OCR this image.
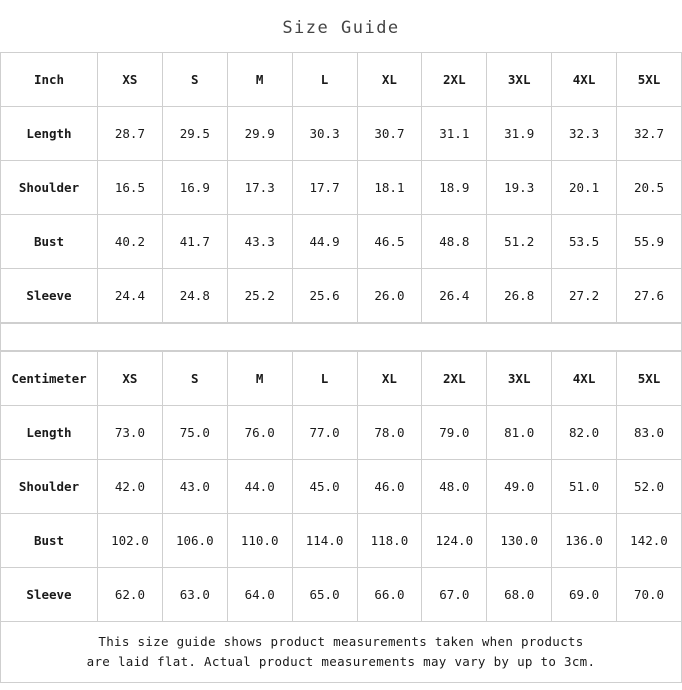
Size Guide
Inch	XS	S	M	L	XL	2XL	3XL	4XL	5XL
Length	28.7	29.5	29.9	30.3	30.7	31.1	31.9	32.3	32.7
Shoulder	16.5	16.9	17.3	17.7	18.1	18.9	19.3	20.1	20.5
Bust	40.2	41.7	43.3	44.9	46.5	48.8	51.2	53.5	55.9
Sleeve	24.4	24.8	25.2	25.6	26.0	26.4	26.8	27.2	27.6
Centimeter	XS	S	M	L	XL	2XL	3XL	4XL	5XL
Length	73.0	75.0	76.0	77.0	78.0	79.0	81.0	82.0	83.0
Shoulder	42.0	43.0	44.0	45.0	46.0	48.0	49.0	51.0	52.0
Bust	102.0	106.0	110.0	114.0	118.0	124.0	130.0	136.0	142.0
Sleeve	62.0	63.0	64.0	65.0	66.0	67.0	68.0	69.0	70.0
This size guide shows product measurements taken when products
are laid flat. Actual product measurements may vary by up to 3cm.
